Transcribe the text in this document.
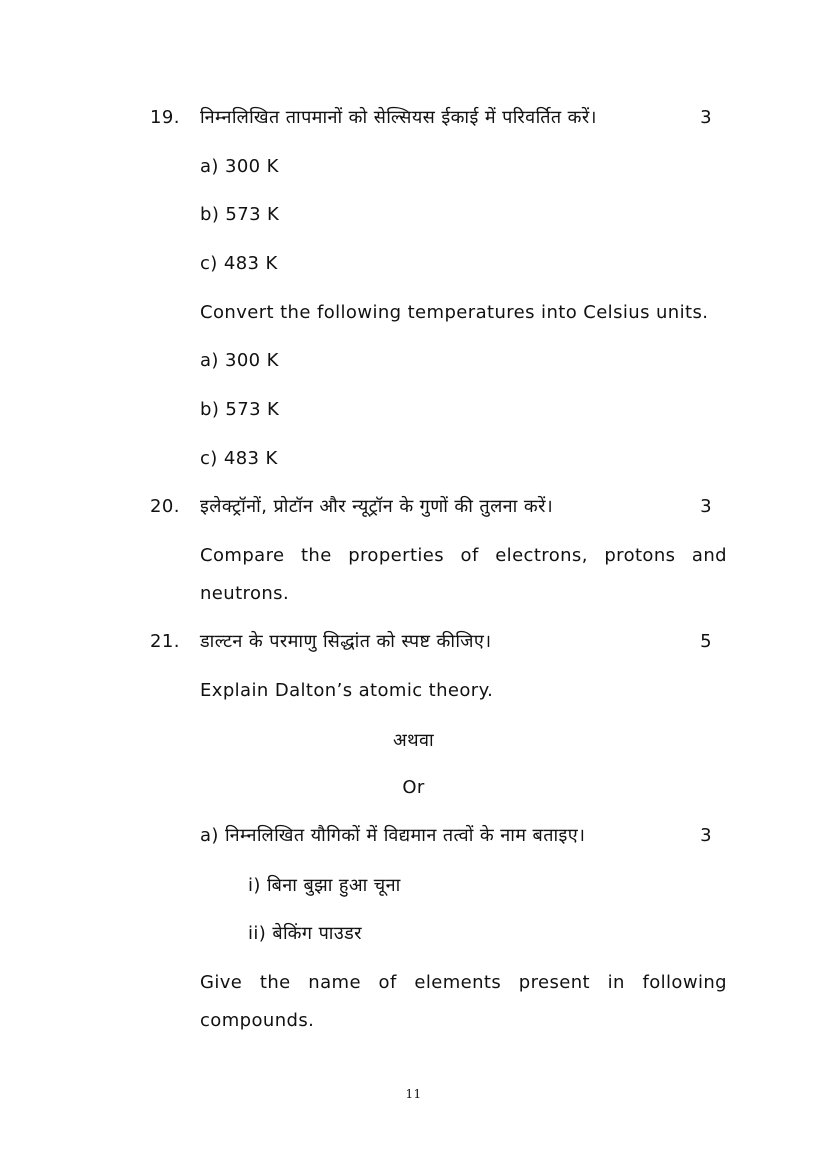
19. निम्नलिखित तापमानों को सेल्सियस ईकाई में परिवर्तित करें।	3
a) 300 K
b) 573 K
c) 483 K
Convert the following temperatures into Celsius units.
a) 300 K
b) 573 K
c) 483 K
20. इलेक्ट्रॉनों, प्रोटॉन और न्यूट्रॉन के गुणों की तुलना करें।	3
Compare the properties of electrons, protons and
neutrons.
21. डाल्टन के परमाणु सिद्धांत को स्पष्ट कीजिए।	5
Explain Dalton’s atomic theory.
अथवा
Or
a) निम्नलिखित यौगिकों में विद्यमान तत्वों के नाम बताइए।	3
i) बिना बुझा हुआ चूना
ii) बेकिंग पाउडर
Give the name of elements present in following
compounds.
11
